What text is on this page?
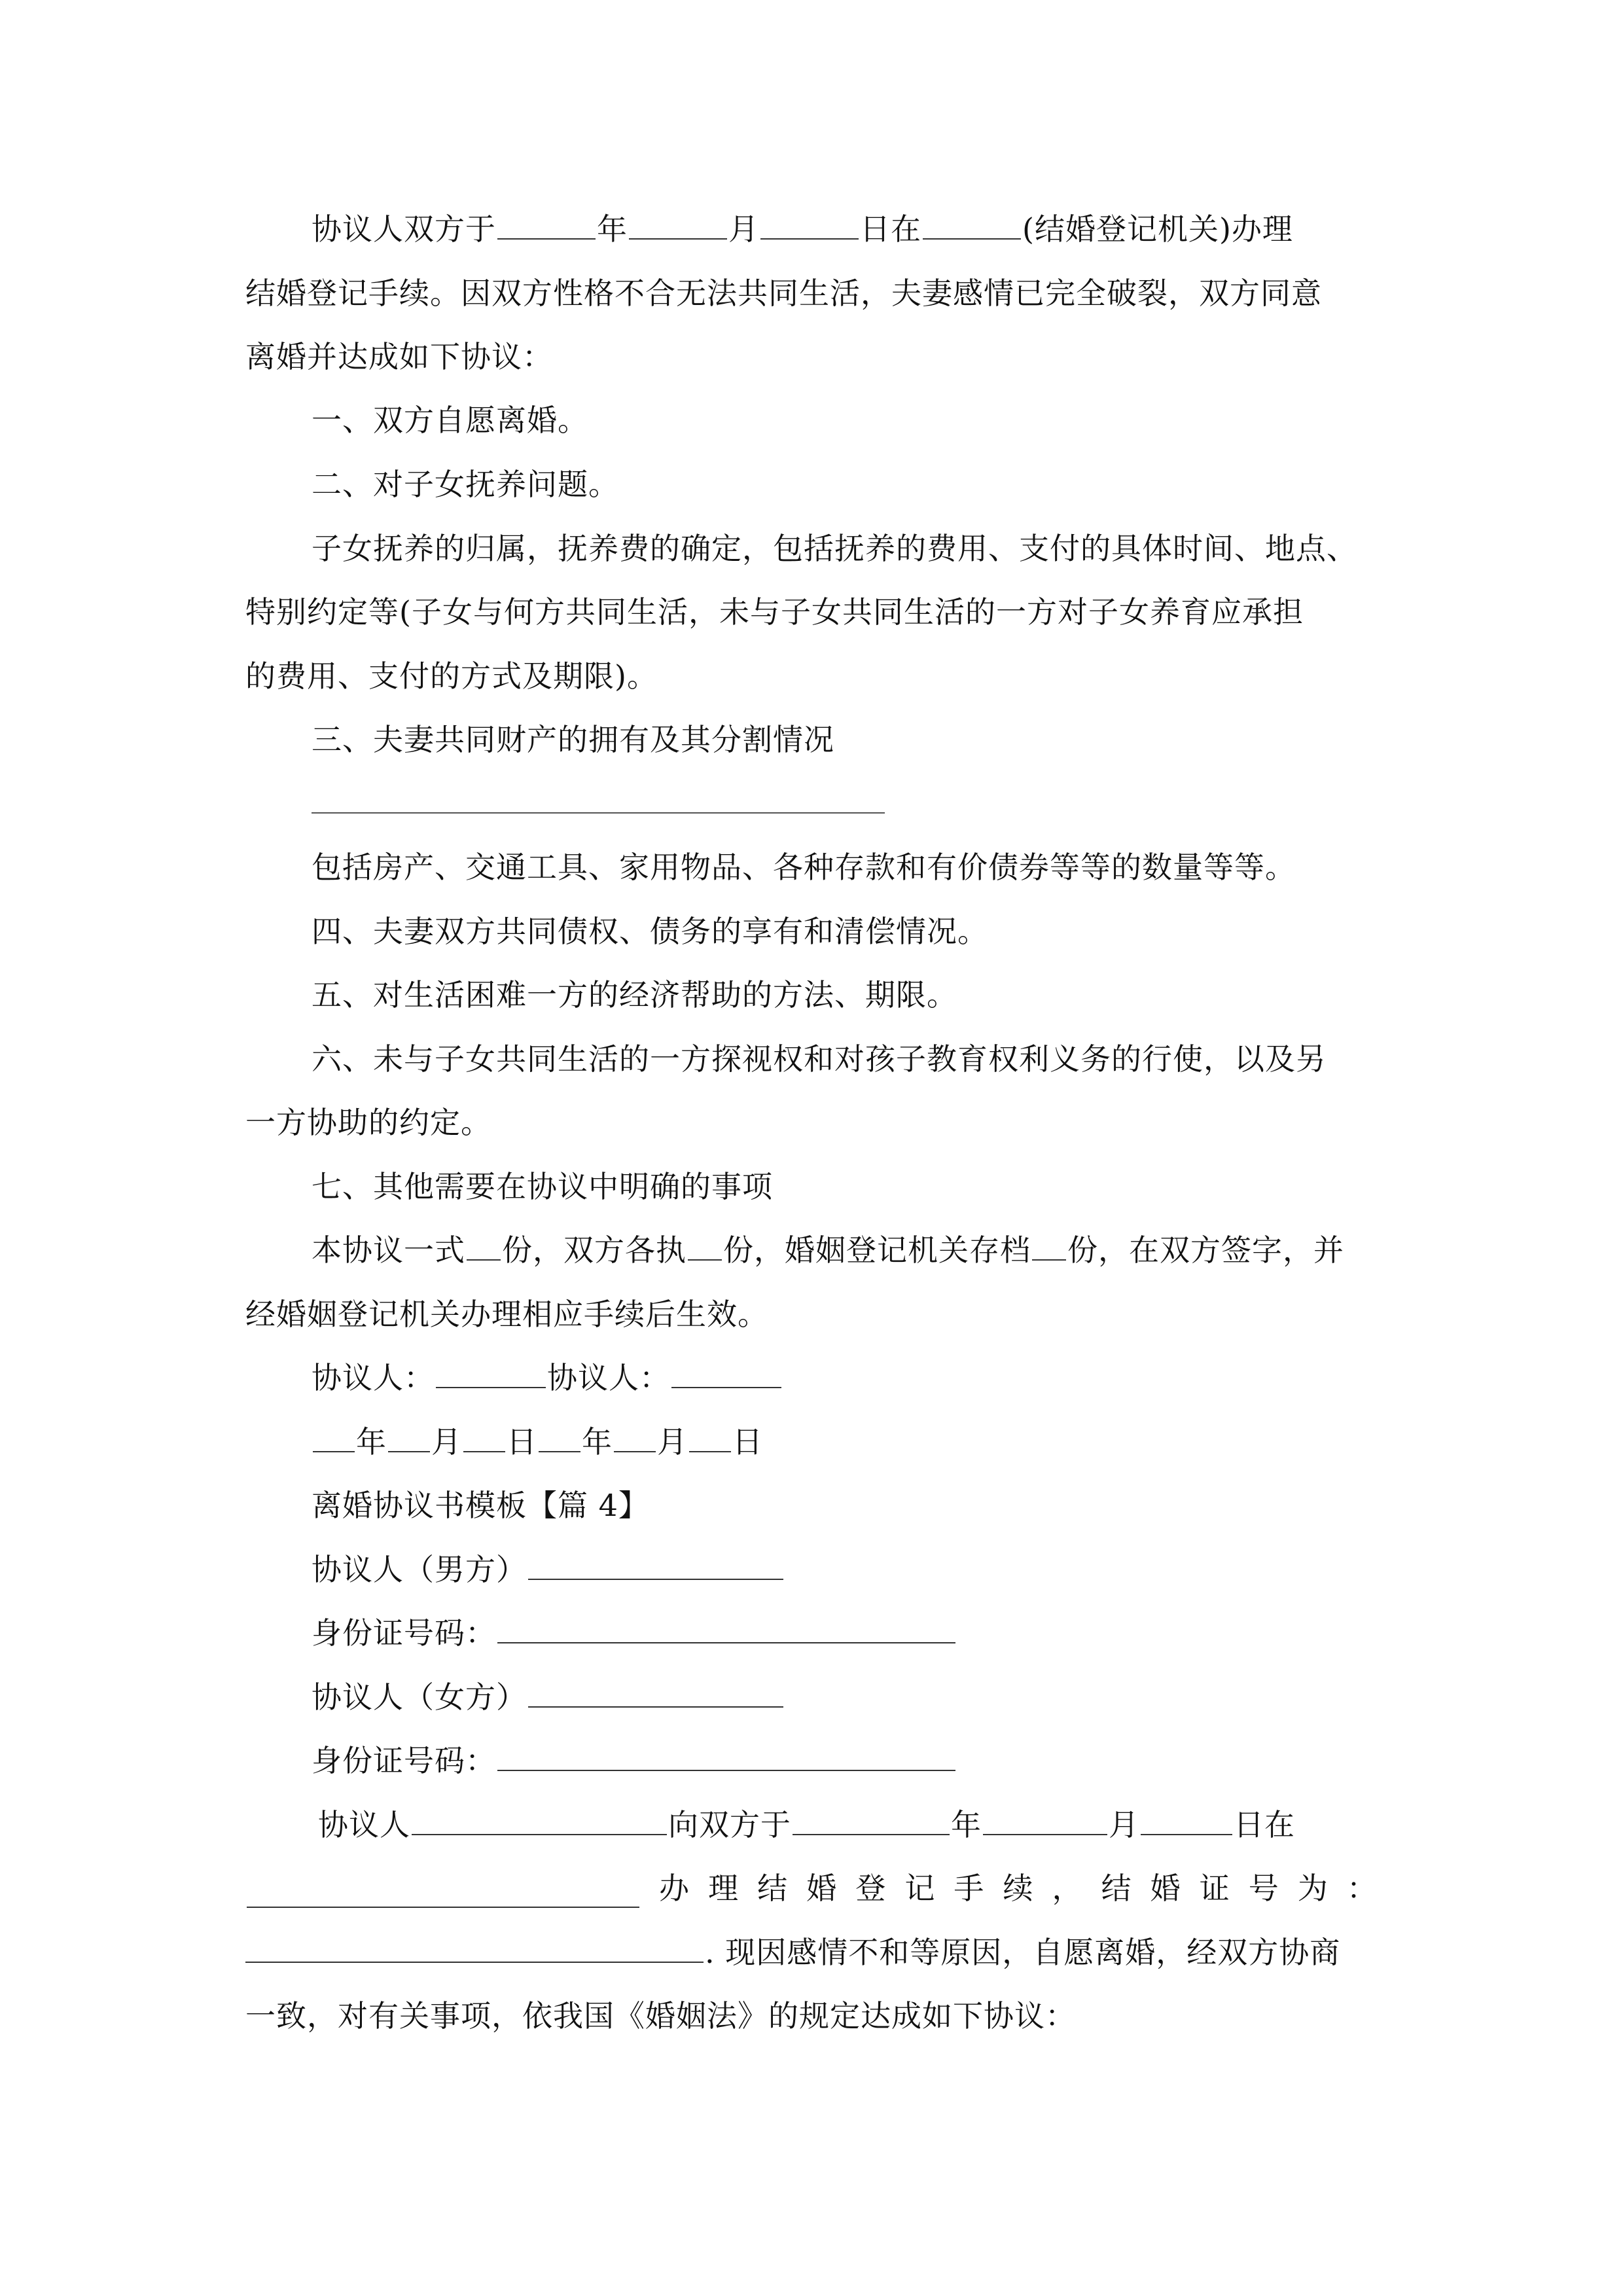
协议人双方于	年	月	日在	(结婚登记机关)办理
结婚登记手续。因双方性格不合无法共同生活，夫妻感情已完全破裂，双方同意
离婚并达成如下协议：
一、双方自愿离婚。
二、对子女抚养问题。
子女抚养的归属，抚养费的确定，包括抚养的费用、支付的具体时间、地点、
特别约定等(子女与何方共同生活，未与子女共同生活的一方对子女养育应承担
的费用、支付的方式及期限)。
三、夫妻共同财产的拥有及其分割情况
包括房产、交通工具、家用物品、各种存款和有价债券等等的数量等等。
四、夫妻双方共同债权、债务的享有和清偿情况。
五、对生活困难一方的经济帮助的方法、期限。
六、未与子女共同生活的一方探视权和对孩子教育权利义务的行使，以及另
一方协助的约定。
七、其他需要在协议中明确的事项
本协议一式 份，双方各执 份，婚姻登记机关存档 份，在双方签字，并
经婚姻登记机关办理相应手续后生效。
协议人：	协议人：
年 月 日 年 月 日
离婚协议书模板【篇 4】
协议人（男方）
身份证号码：
协议人（女方）
身份证号码：
协议人	向双方于	年	月	日在
办 理 结 婚 登 记 手 续 ， 结 婚 证 号 为 ：
. 现因感情不和等原因，自愿离婚，经双方协商
一致，对有关事项，依我国《婚姻法》的规定达成如下协议：
